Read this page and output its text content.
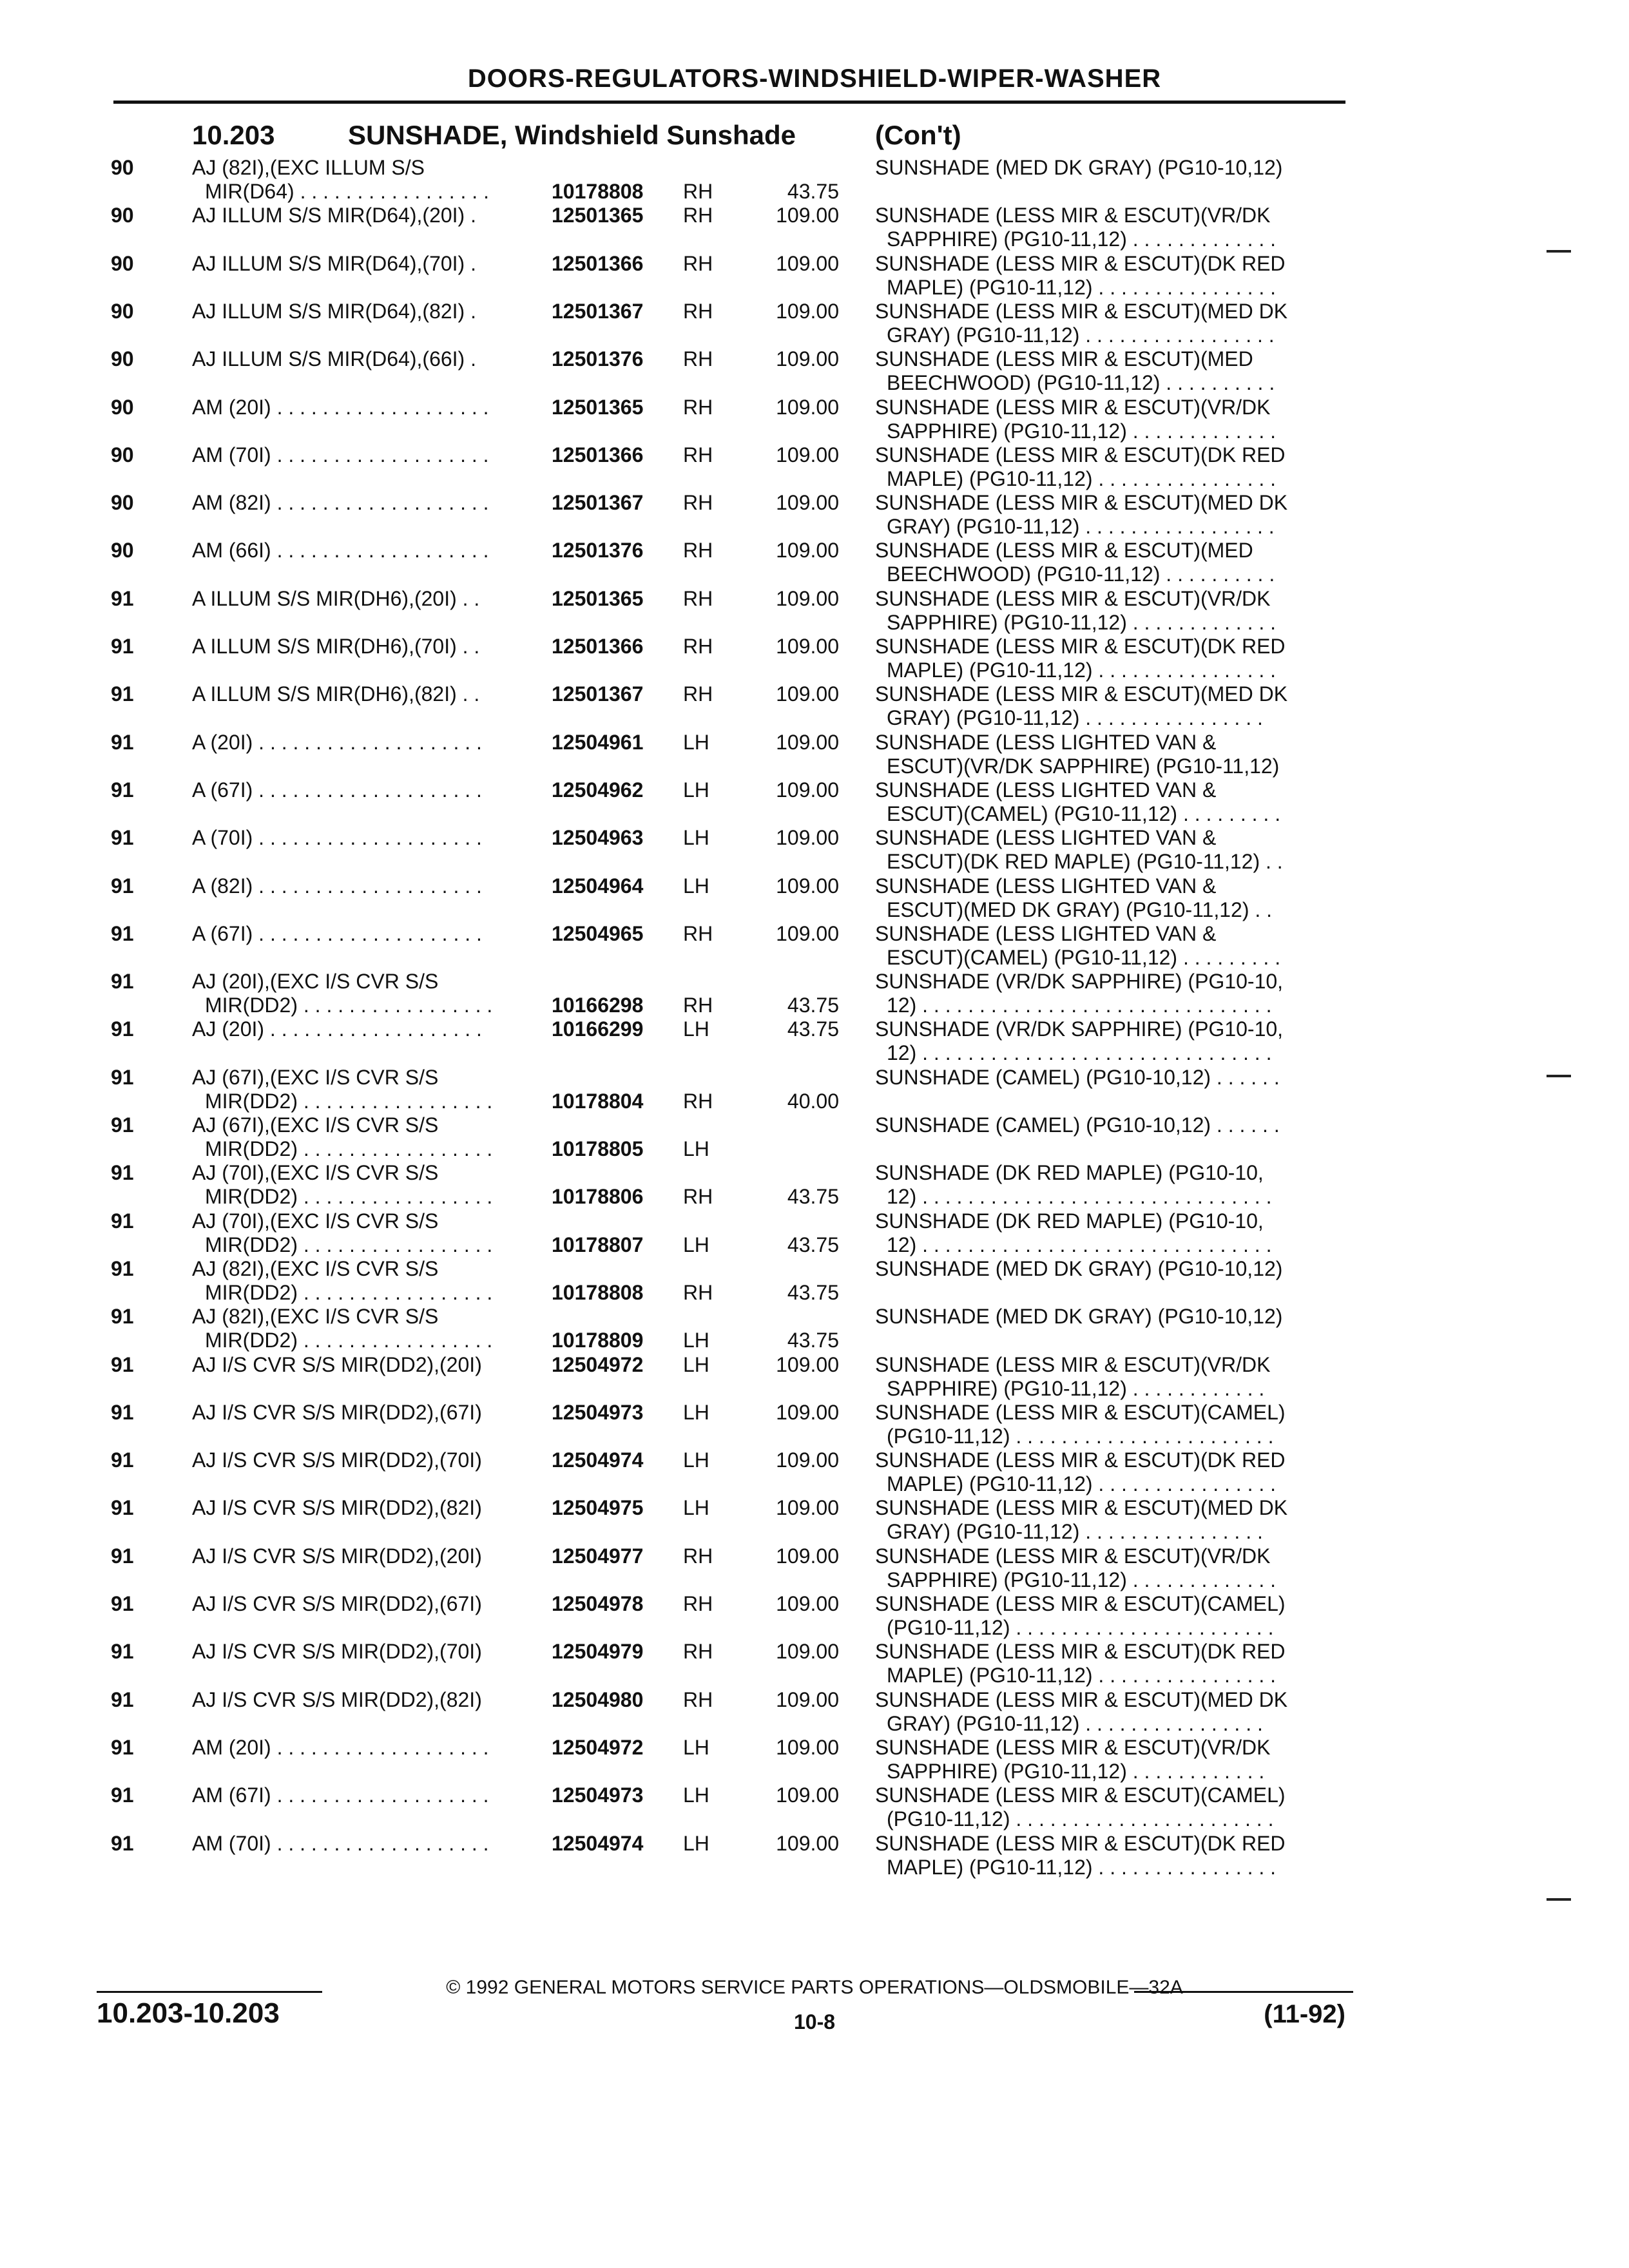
DOORS-REGULATORS-WINDSHIELD-WIPER-WASHER
10.203	SUNSHADE, Windshield Sunshade	(Con't)
90	AJ (82I),(EXC ILLUM S/S
MIR(D64) . . . . . . . . . . . . . . . . .	10178808 RH	43.75
SUNSHADE (MED DK GRAY) (PG10-10,12)
90	AJ ILLUM S/S MIR(D64),(20I) .	12501365 RH	109.00 SUNSHADE (LESS MIR & ESCUT)(VR/DK
SAPPHIRE) (PG10-11,12) . . . . . . . . . . . . .
90	AJ ILLUM S/S MIR(D64),(70I) .	12501366 RH	109.00 SUNSHADE (LESS MIR & ESCUT)(DK RED
MAPLE) (PG10-11,12) . . . . . . . . . . . . . . . .
90	AJ ILLUM S/S MIR(D64),(82I) .	12501367 RH	109.00 SUNSHADE (LESS MIR & ESCUT)(MED DK
GRAY) (PG10-11,12) . . . . . . . . . . . . . . . . .
90	AJ ILLUM S/S MIR(D64),(66I) .	12501376 RH	109.00 SUNSHADE (LESS MIR & ESCUT)(MED
BEECHWOOD) (PG10-11,12) . . . . . . . . . .
90	AM (20I) . . . . . . . . . . . . . . . . . . .	12501365 RH	109.00 SUNSHADE (LESS MIR & ESCUT)(VR/DK
SAPPHIRE) (PG10-11,12) . . . . . . . . . . . . .
90	AM (70I) . . . . . . . . . . . . . . . . . . .	12501366 RH	109.00 SUNSHADE (LESS MIR & ESCUT)(DK RED
MAPLE) (PG10-11,12) . . . . . . . . . . . . . . . .
90	AM (82I) . . . . . . . . . . . . . . . . . . .	12501367 RH	109.00 SUNSHADE (LESS MIR & ESCUT)(MED DK
GRAY) (PG10-11,12) . . . . . . . . . . . . . . . . .
90	AM (66I) . . . . . . . . . . . . . . . . . . .	12501376 RH	109.00 SUNSHADE (LESS MIR & ESCUT)(MED
BEECHWOOD) (PG10-11,12) . . . . . . . . . .
91	A ILLUM S/S MIR(DH6),(20I) . .	12501365 RH	109.00 SUNSHADE (LESS MIR & ESCUT)(VR/DK
SAPPHIRE) (PG10-11,12) . . . . . . . . . . . . .
91	A ILLUM S/S MIR(DH6),(70I) . .	12501366 RH	109.00 SUNSHADE (LESS MIR & ESCUT)(DK RED
MAPLE) (PG10-11,12) . . . . . . . . . . . . . . . .
91	A ILLUM S/S MIR(DH6),(82I) . .	12501367 RH	109.00 SUNSHADE (LESS MIR & ESCUT)(MED DK
GRAY) (PG10-11,12) . . . . . . . . . . . . . . . .
91	A (20I) . . . . . . . . . . . . . . . . . . . .	12504961 LH	109.00 SUNSHADE (LESS LIGHTED VAN &
ESCUT)(VR/DK SAPPHIRE) (PG10-11,12)
91	A (67I) . . . . . . . . . . . . . . . . . . . .	12504962 LH	109.00 SUNSHADE (LESS LIGHTED VAN &
ESCUT)(CAMEL) (PG10-11,12) . . . . . . . . .
91	A (70I) . . . . . . . . . . . . . . . . . . . .	12504963 LH	109.00 SUNSHADE (LESS LIGHTED VAN &
ESCUT)(DK RED MAPLE) (PG10-11,12) . .
91	A (82I) . . . . . . . . . . . . . . . . . . . .	12504964 LH	109.00 SUNSHADE (LESS LIGHTED VAN &
ESCUT)(MED DK GRAY) (PG10-11,12) . .
91	A (67I) . . . . . . . . . . . . . . . . . . . .	12504965 RH	109.00 SUNSHADE (LESS LIGHTED VAN &
ESCUT)(CAMEL) (PG10-11,12) . . . . . . . . .
91	AJ (20I),(EXC I/S CVR S/S
MIR(DD2) . . . . . . . . . . . . . . . . .	10166298 RH	43.75
SUNSHADE (VR/DK SAPPHIRE) (PG10-10,
12) . . . . . . . . . . . . . . . . . . . . . . . . . . . . . . .
91	AJ (20I) . . . . . . . . . . . . . . . . . . .	10166299 LH	43.75 SUNSHADE (VR/DK SAPPHIRE) (PG10-10,
12) . . . . . . . . . . . . . . . . . . . . . . . . . . . . . . .
91	AJ (67I),(EXC I/S CVR S/S
MIR(DD2) . . . . . . . . . . . . . . . . .	10178804 RH	40.00
SUNSHADE (CAMEL) (PG10-10,12) . . . . . .
91	AJ (67I),(EXC I/S CVR S/S
MIR(DD2) . . . . . . . . . . . . . . . . .	10178805 LH
SUNSHADE (CAMEL) (PG10-10,12) . . . . . .
91	AJ (70I),(EXC I/S CVR S/S
MIR(DD2) . . . . . . . . . . . . . . . . .	10178806 RH	43.75
SUNSHADE (DK RED MAPLE) (PG10-10,
12) . . . . . . . . . . . . . . . . . . . . . . . . . . . . . . .
91	AJ (70I),(EXC I/S CVR S/S
MIR(DD2) . . . . . . . . . . . . . . . . .	10178807 LH	43.75
SUNSHADE (DK RED MAPLE) (PG10-10,
12) . . . . . . . . . . . . . . . . . . . . . . . . . . . . . . .
91	AJ (82I),(EXC I/S CVR S/S
MIR(DD2) . . . . . . . . . . . . . . . . .	10178808 RH	43.75
SUNSHADE (MED DK GRAY) (PG10-10,12)
91	AJ (82I),(EXC I/S CVR S/S
MIR(DD2) . . . . . . . . . . . . . . . . .	10178809 LH	43.75
SUNSHADE (MED DK GRAY) (PG10-10,12)
91	AJ I/S CVR S/S MIR(DD2),(20I)	12504972 LH	109.00 SUNSHADE (LESS MIR & ESCUT)(VR/DK
SAPPHIRE) (PG10-11,12) . . . . . . . . . . . .
91	AJ I/S CVR S/S MIR(DD2),(67I)	12504973 LH	109.00 SUNSHADE (LESS MIR & ESCUT)(CAMEL)
(PG10-11,12) . . . . . . . . . . . . . . . . . . . . . . .
91	AJ I/S CVR S/S MIR(DD2),(70I)	12504974 LH	109.00 SUNSHADE (LESS MIR & ESCUT)(DK RED
MAPLE) (PG10-11,12) . . . . . . . . . . . . . . . .
91	AJ I/S CVR S/S MIR(DD2),(82I)	12504975 LH	109.00 SUNSHADE (LESS MIR & ESCUT)(MED DK
GRAY) (PG10-11,12) . . . . . . . . . . . . . . . .
91	AJ I/S CVR S/S MIR(DD2),(20I)	12504977 RH	109.00 SUNSHADE (LESS MIR & ESCUT)(VR/DK
SAPPHIRE) (PG10-11,12) . . . . . . . . . . . . .
91	AJ I/S CVR S/S MIR(DD2),(67I)	12504978 RH	109.00 SUNSHADE (LESS MIR & ESCUT)(CAMEL)
(PG10-11,12) . . . . . . . . . . . . . . . . . . . . . . .
91	AJ I/S CVR S/S MIR(DD2),(70I)	12504979 RH	109.00 SUNSHADE (LESS MIR & ESCUT)(DK RED
MAPLE) (PG10-11,12) . . . . . . . . . . . . . . . .
91	AJ I/S CVR S/S MIR(DD2),(82I)	12504980 RH	109.00 SUNSHADE (LESS MIR & ESCUT)(MED DK
GRAY) (PG10-11,12) . . . . . . . . . . . . . . . .
91	AM (20I) . . . . . . . . . . . . . . . . . . .	12504972 LH	109.00 SUNSHADE (LESS MIR & ESCUT)(VR/DK
SAPPHIRE) (PG10-11,12) . . . . . . . . . . . .
91	AM (67I) . . . . . . . . . . . . . . . . . . .	12504973 LH	109.00 SUNSHADE (LESS MIR & ESCUT)(CAMEL)
(PG10-11,12) . . . . . . . . . . . . . . . . . . . . . . .
91	AM (70I) . . . . . . . . . . . . . . . . . . .	12504974 LH	109.00 SUNSHADE (LESS MIR & ESCUT)(DK RED
MAPLE) (PG10-11,12) . . . . . . . . . . . . . . . .
© 1992 GENERAL MOTORS SERVICE PARTS OPERATIONS—OLDSMOBILE—32A
10.203-10.203	10-8	(11-92)
